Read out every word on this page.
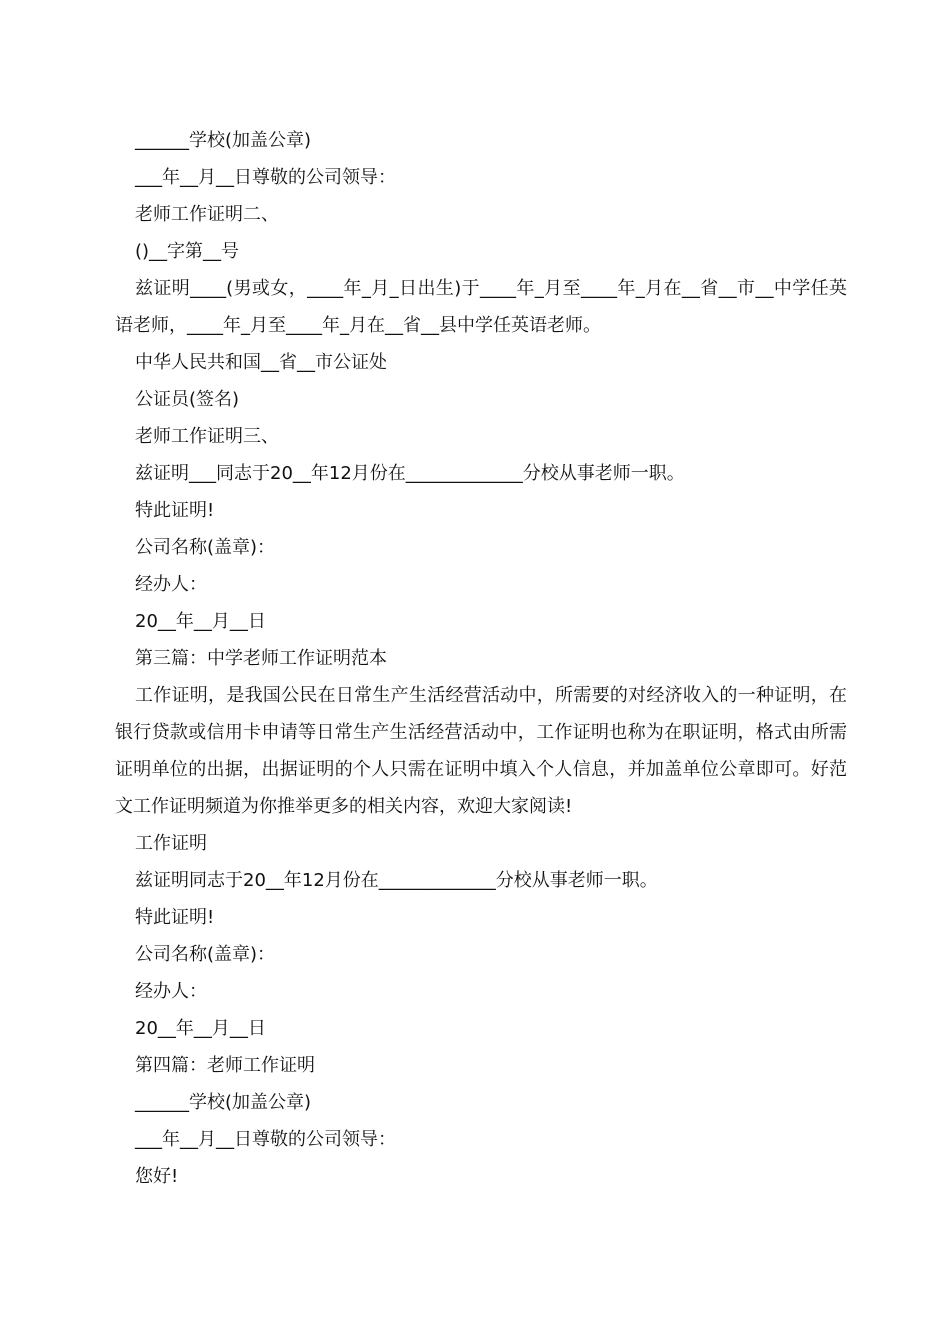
______学校(加盖公章)

___年__月__日尊敬的公司领导：

老师工作证明二、

()__字第__号

兹证明____(男或女，____年_月_日出生)于____年_月至____年_月在__省__市__中学任英语老师，____年_月至____年_月在__省__县中学任英语老师。

中华人民共和国__省__市公证处

公证员(签名)

老师工作证明三、

兹证明___同志于20__年12月份在_____________分校从事老师一职。

特此证明!

公司名称(盖章)：

经办人：

20__年__月__日

第三篇：中学老师工作证明范本

工作证明，是我国公民在日常生产生活经营活动中，所需要的对经济收入的一种证明，在银行贷款或信用卡申请等日常生产生活经营活动中，工作证明也称为在职证明，格式由所需证明单位的出据，出据证明的个人只需在证明中填入个人信息，并加盖单位公章即可。好范文工作证明频道为你推举更多的相关内容，欢迎大家阅读!

工作证明

兹证明同志于20__年12月份在_____________分校从事老师一职。

特此证明!

公司名称(盖章)：

经办人：

20__年__月__日

第四篇：老师工作证明

______学校(加盖公章)

___年__月__日尊敬的公司领导：

您好!
